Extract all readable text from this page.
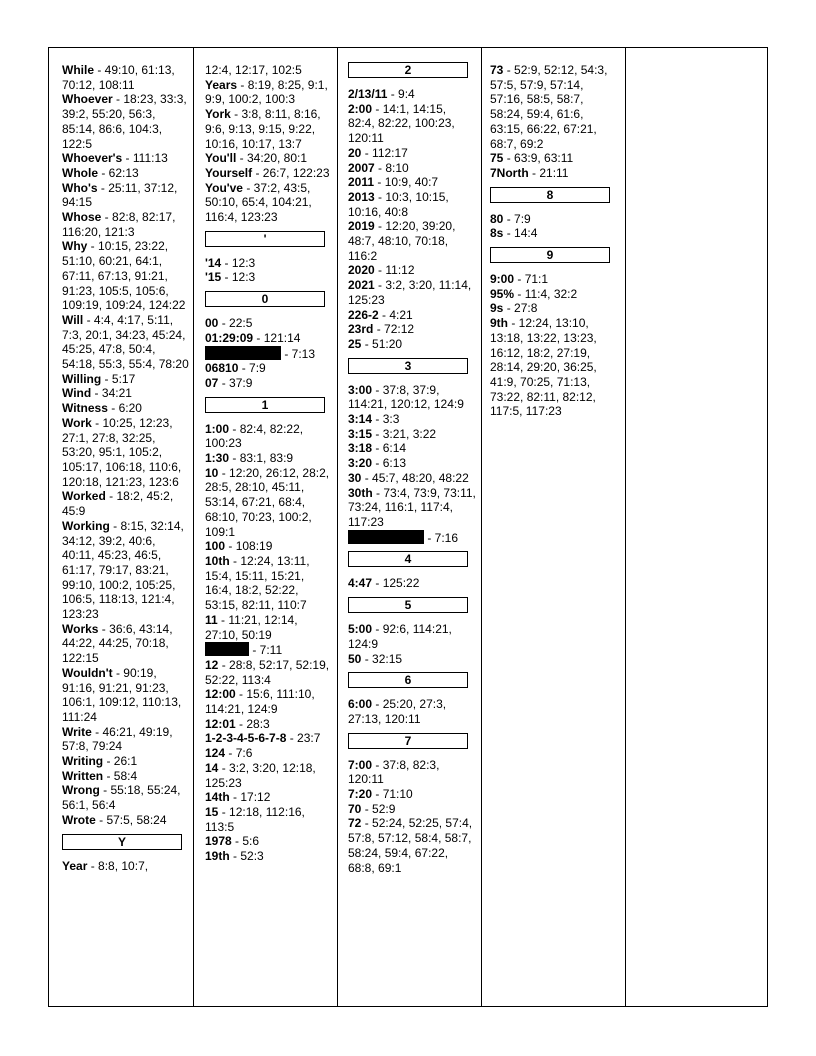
While - 49:10, 61:13, 70:12, 108:11

Whoever - 18:23, 33:3, 39:2, 55:20, 56:3, 85:14, 86:6, 104:3, 122:5

Whoever's - 111:13

Whole - 62:13

Who's - 25:11, 37:12, 94:15

Whose - 82:8, 82:17, 116:20, 121:3

Why - 10:15, 23:22, 51:10, 60:21, 64:1, 67:11, 67:13, 91:21, 91:23, 105:5, 105:6, 109:19, 109:24, 124:22

Will - 4:4, 4:17, 5:11, 7:3, 20:1, 34:23, 45:24, 45:25, 47:8, 50:4, 54:18, 55:3, 55:4, 78:20

Willing - 5:17

Wind - 34:21

Witness - 6:20

Work - 10:25, 12:23, 27:1, 27:8, 32:25, 53:20, 95:1, 105:2, 105:17, 106:18, 110:6, 120:18, 121:23, 123:6

Worked - 18:2, 45:2, 45:9

Working - 8:15, 32:14, 34:12, 39:2, 40:6, 40:11, 45:23, 46:5, 61:17, 79:17, 83:21, 99:10, 100:2, 105:25, 106:5, 118:13, 121:4, 123:23

Works - 36:6, 43:14, 44:22, 44:25, 70:18, 122:15

Wouldn't - 90:19, 91:16, 91:21, 91:23, 106:1, 109:12, 110:13, 111:24

Write - 46:21, 49:19, 57:8, 79:24

Writing - 26:1

Written - 58:4

Wrong - 55:18, 55:24, 56:1, 56:4

Wrote - 57:5, 58:24

Y

Year - 8:8, 10:7,

12:4, 12:17, 102:5

Years - 8:19, 8:25, 9:1, 9:9, 100:2, 100:3

York - 3:8, 8:11, 8:16, 9:6, 9:13, 9:15, 9:22, 10:16, 10:17, 13:7

You'll - 34:20, 80:1

Yourself - 26:7, 122:23

You've - 37:2, 43:5, 50:10, 65:4, 104:21, 116:4, 123:23

'

'14 - 12:3

'15 - 12:3

0

00 - 22:5

01:29:09 - 121:14

- 7:13

06810 - 7:9

07 - 37:9

1

1:00 - 82:4, 82:22, 100:23

1:30 - 83:1, 83:9

10 - 12:20, 26:12, 28:2, 28:5, 28:10, 45:11, 53:14, 67:21, 68:4, 68:10, 70:23, 100:2, 109:1

100 - 108:19

10th - 12:24, 13:11, 15:4, 15:11, 15:21, 16:4, 18:2, 52:22, 53:15, 82:11, 110:7

11 - 11:21, 12:14, 27:10, 50:19

- 7:11

12 - 28:8, 52:17, 52:19, 52:22, 113:4

12:00 - 15:6, 111:10, 114:21, 124:9

12:01 - 28:3

1-2-3-4-5-6-7-8 - 23:7

124 - 7:6

14 - 3:2, 3:20, 12:18, 125:23

14th - 17:12

15 - 12:18, 112:16, 113:5

1978 - 5:6

19th - 52:3

2

2/13/11 - 9:4

2:00 - 14:1, 14:15, 82:4, 82:22, 100:23, 120:11

20 - 112:17

2007 - 8:10

2011 - 10:9, 40:7

2013 - 10:3, 10:15, 10:16, 40:8

2019 - 12:20, 39:20, 48:7, 48:10, 70:18, 116:2

2020 - 11:12

2021 - 3:2, 3:20, 11:14, 125:23

226-2 - 4:21

23rd - 72:12

25 - 51:20

3

3:00 - 37:8, 37:9, 114:21, 120:12, 124:9

3:14 - 3:3

3:15 - 3:21, 3:22

3:18 - 6:14

3:20 - 6:13

30 - 45:7, 48:20, 48:22

30th - 73:4, 73:9, 73:11, 73:24, 116:1, 117:4, 117:23

- 7:16

4

4:47 - 125:22

5

5:00 - 92:6, 114:21, 124:9

50 - 32:15

6

6:00 - 25:20, 27:3, 27:13, 120:11

7

7:00 - 37:8, 82:3, 120:11

7:20 - 71:10

70 - 52:9

72 - 52:24, 52:25, 57:4, 57:8, 57:12, 58:4, 58:7, 58:24, 59:4, 67:22, 68:8, 69:1

73 - 52:9, 52:12, 54:3, 57:5, 57:9, 57:14, 57:16, 58:5, 58:7, 58:24, 59:4, 61:6, 63:15, 66:22, 67:21, 68:7, 69:2

75 - 63:9, 63:11

7North - 21:11

8

80 - 7:9

8s - 14:4

9

9:00 - 71:1

95% - 11:4, 32:2

9s - 27:8

9th - 12:24, 13:10, 13:18, 13:22, 13:23, 16:12, 18:2, 27:19, 28:14, 29:20, 36:25, 41:9, 70:25, 71:13, 73:22, 82:11, 82:12, 117:5, 117:23
